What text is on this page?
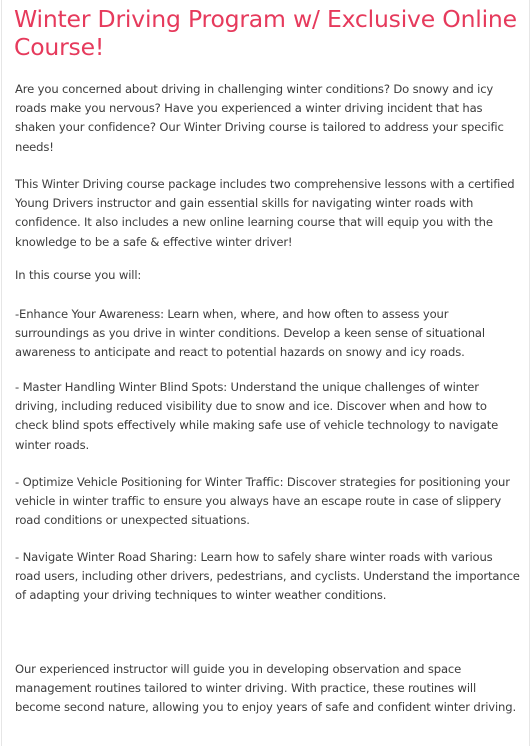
Winter Driving Program w/ Exclusive Online Course!

Are you concerned about driving in challenging winter conditions? Do snowy and icy roads make you nervous? Have you experienced a winter driving incident that has shaken your confidence? Our Winter Driving course is tailored to address your specific needs!

This Winter Driving course package includes two comprehensive lessons with a certified Young Drivers instructor and gain essential skills for navigating winter roads with confidence. It also includes a new online learning course that will equip you with the knowledge to be a safe & effective winter driver!

In this course you will:

-Enhance Your Awareness: Learn when, where, and how often to assess your surroundings as you drive in winter conditions. Develop a keen sense of situational awareness to anticipate and react to potential hazards on snowy and icy roads.

- Master Handling Winter Blind Spots: Understand the unique challenges of winter driving, including reduced visibility due to snow and ice. Discover when and how to check blind spots effectively while making safe use of vehicle technology to navigate winter roads.

- Optimize Vehicle Positioning for Winter Traffic: Discover strategies for positioning your vehicle in winter traffic to ensure you always have an escape route in case of slippery road conditions or unexpected situations.

- Navigate Winter Road Sharing: Learn how to safely share winter roads with various road users, including other drivers, pedestrians, and cyclists. Understand the importance of adapting your driving techniques to winter weather conditions.

Our experienced instructor will guide you in developing observation and space management routines tailored to winter driving. With practice, these routines will become second nature, allowing you to enjoy years of safe and confident winter driving.
